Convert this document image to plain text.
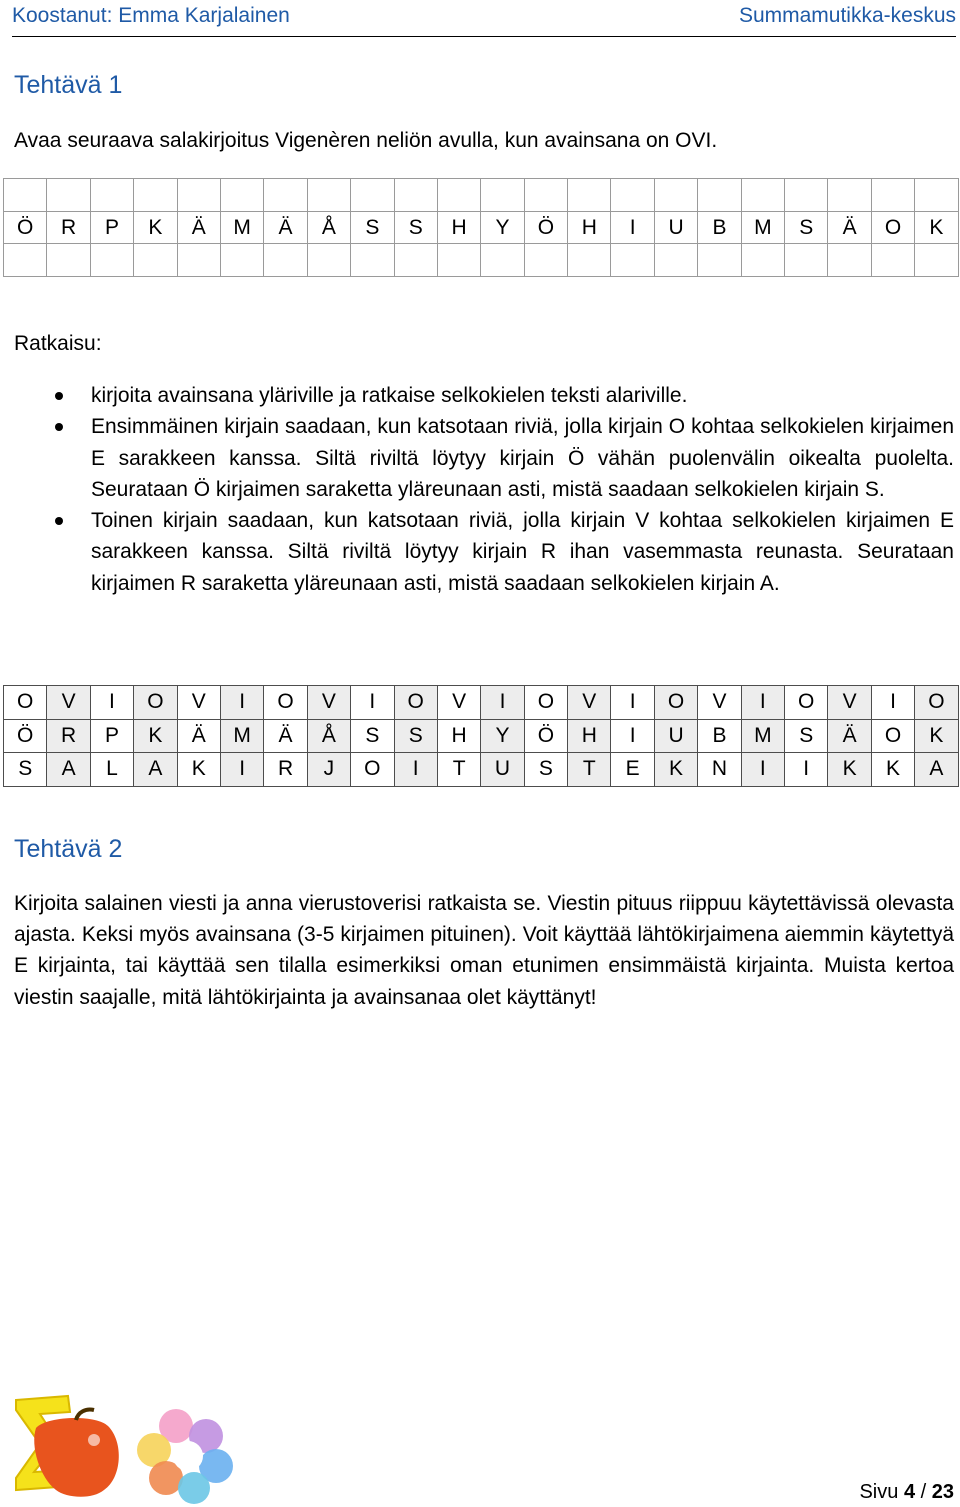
Koostanut: Emma Karjalainen	Summamutikka-keskus
Tehtävä 1
Avaa seuraava salakirjoitus Vigenèren neliön avulla, kun avainsana on OVI.

Ö	R	P	K	Ä	M	Ä	Å	S	S	H	Y	Ö	H	I	U	B	M	S	Ä	O	K

Ratkaisu:
kirjoita avainsana yläriville ja ratkaise selkokielen teksti alariville.
Ensimmäinen kirjain saadaan, kun katsotaan riviä, jolla kirjain O kohtaa selkokielen kirjaimen E sarakkeen kanssa. Siltä riviltä löytyy kirjain Ö vähän puolenvälin oikealta puolelta. Seurataan Ö kirjaimen saraketta yläreunaan asti, mistä saadaan selkokielen kirjain S.
Toinen kirjain saadaan, kun katsotaan riviä, jolla kirjain V kohtaa selkokielen kirjaimen E sarakkeen kanssa. Siltä riviltä löytyy kirjain R ihan vasemmasta reunasta. Seurataan kirjaimen R saraketta yläreunaan asti, mistä saadaan selkokielen kirjain A.
O	V	I	O	V	I	O	V	I	O	V	I	O	V	I	O	V	I	O	V	I	O
Ö	R	P	K	Ä	M	Ä	Å	S	S	H	Y	Ö	H	I	U	B	M	S	Ä	O	K
S	A	L	A	K	I	R	J	O	I	T	U	S	T	E	K	N	I	I	K	K	A
Tehtävä 2
Kirjoita salainen viesti ja anna vierustoverisi ratkaista se. Viestin pituus riippuu käytettävissä olevasta ajasta. Keksi myös avainsana (3-5 kirjaimen pituinen). Voit käyttää lähtökirjaimena aiemmin käytettyä E kirjainta, tai käyttää sen tilalla esimerkiksi oman etunimen ensimmäistä kirjainta. Muista kertoa viestin saajalle, mitä lähtökirjainta ja avainsanaa olet käyttänyt!
Sivu 4 / 23
